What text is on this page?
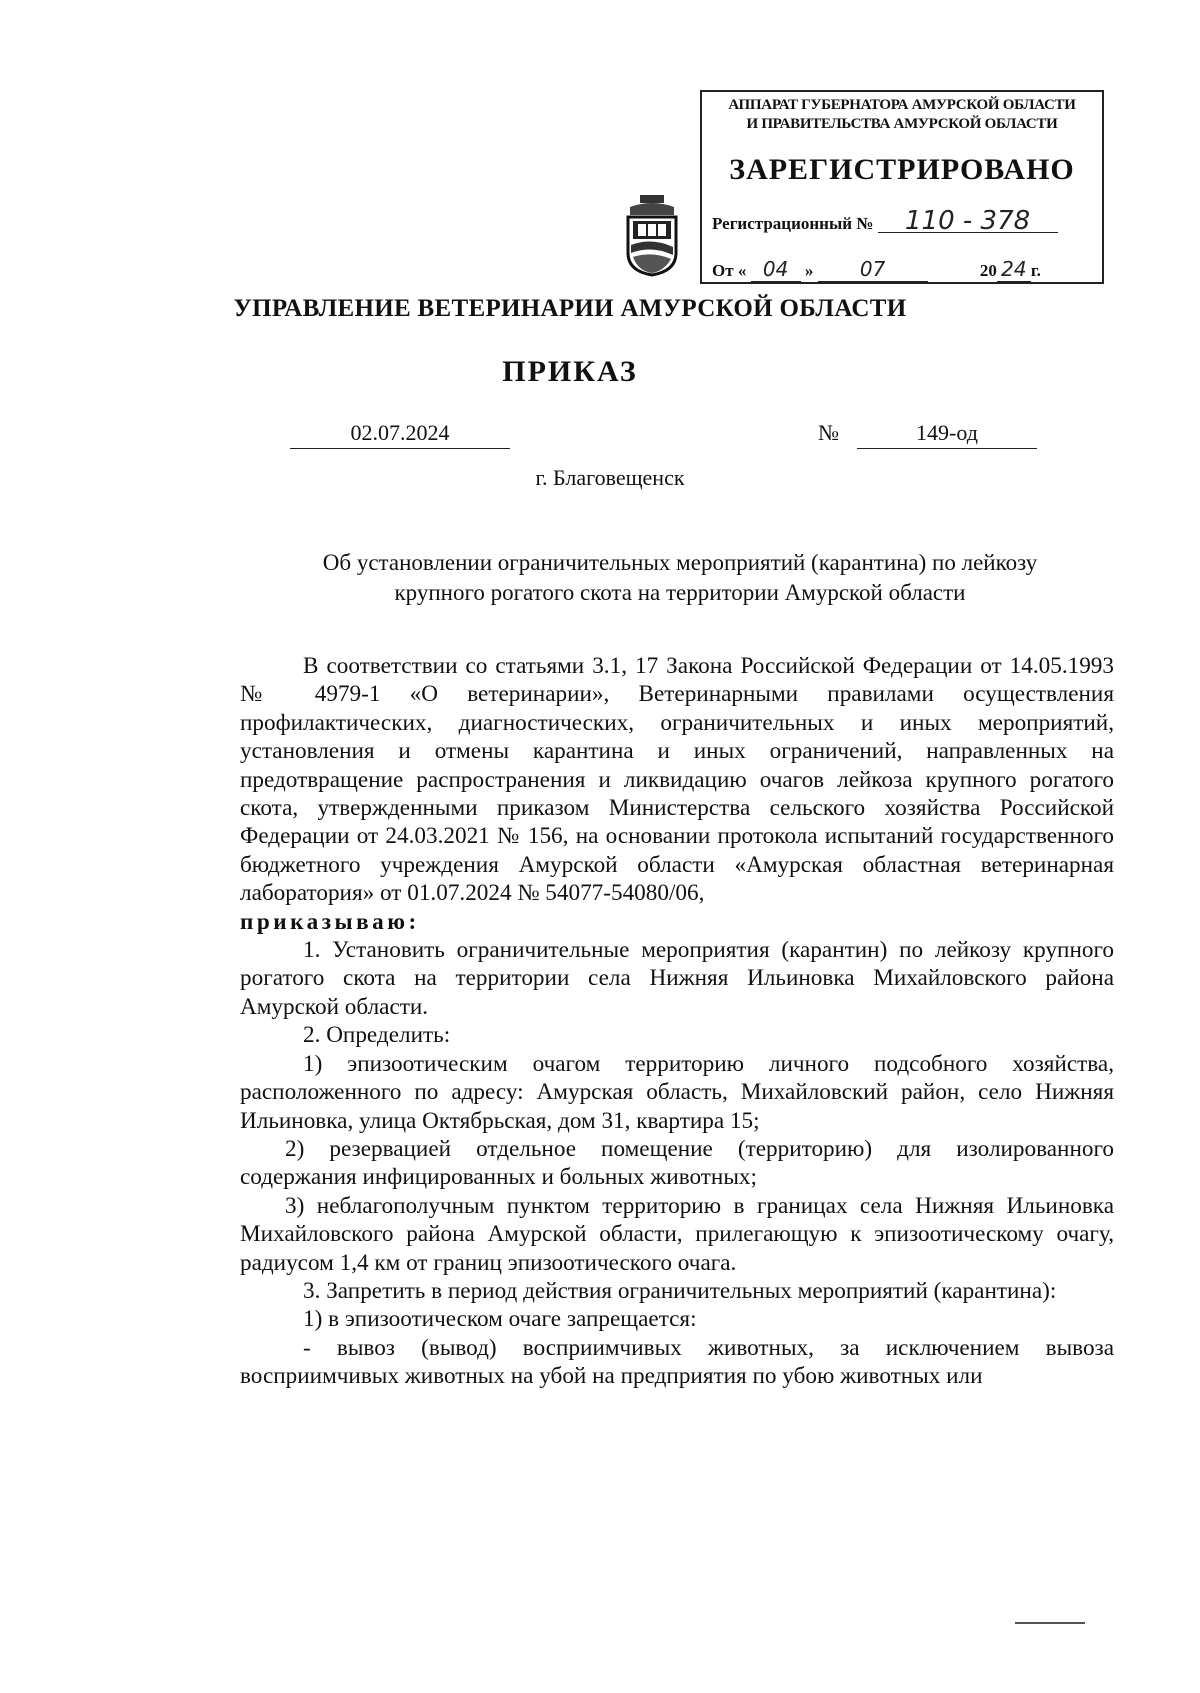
АППАРАТ ГУБЕРНАТОРА АМУРСКОЙ ОБЛАСТИ
И ПРАВИТЕЛЬСТВА АМУРСКОЙ ОБЛАСТИ
ЗАРЕГИСТРИРОВАНО
Регистрационный № 110 - 378
От « 04 » 07	20 24 г.
УПРАВЛЕНИЕ ВЕТЕРИНАРИИ АМУРСКОЙ ОБЛАСТИ
ПРИКАЗ
02.07.2024	№	149-од
г. Благовещенск
Об установлении ограничительных мероприятий (карантина) по лейкозу
крупного рогатого скота на территории Амурской области

В соответствии со статьями 3.1, 17 Закона Российской Федерации от 14.05.1993 № 4979-1 «О ветеринарии», Ветеринарными правилами осуществления профилактических, диагностических, ограничительных и иных мероприятий, установления и отмены карантина и иных ограничений, направленных на предотвращение распространения и ликвидацию очагов лейкоза крупного рогатого скота, утвержденными приказом Министерства сельского хозяйства Российской Федерации от 24.03.2021 № 156, на основании протокола испытаний государственного бюджетного учреждения Амурской области «Амурская областная ветеринарная лаборатория» от 01.07.2024 № 54077-54080/06,

приказываю:

1. Установить ограничительные мероприятия (карантин) по лейкозу крупного рогатого скота на территории села Нижняя Ильиновка Михайловского района Амурской области.

2. Определить:

1) эпизоотическим очагом территорию личного подсобного хозяйства, расположенного по адресу: Амурская область, Михайловский район, село Нижняя Ильиновка, улица Октябрьская, дом 31, квартира 15;

2) резервацией отдельное помещение (территорию) для изолированного содержания инфицированных и больных животных;

3) неблагополучным пунктом территорию в границах села Нижняя Ильиновка Михайловского района Амурской области, прилегающую к эпизоотическому очагу, радиусом 1,4 км от границ эпизоотического очага.

3. Запретить в период действия ограничительных мероприятий (карантина):

1) в эпизоотическом очаге запрещается:

- вывоз (вывод) восприимчивых животных, за исключением вывоза восприимчивых животных на убой на предприятия по убою животных или
